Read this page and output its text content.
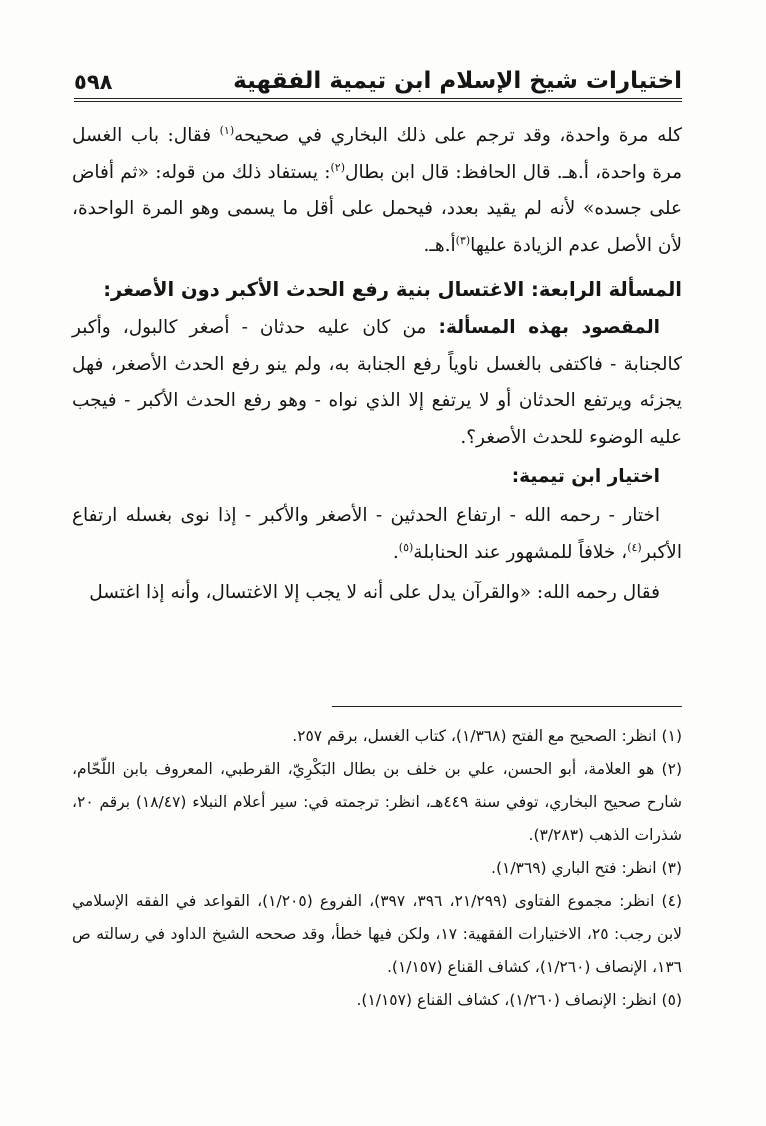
اختيارات شيخ الإسلام ابن تيمية الفقهية
٥٩٨

كله مرة واحدة، وقد ترجم على ذلك البخاري في صحيحه$^{(١)}$ فقال: باب الغسل مرة واحدة، أ.هـ. قال الحافظ: قال ابن بطال$^{(٢)}$: يستفاد ذلك من قوله: «ثم أفاض على جسده» لأنه لم يقيد بعدد، فيحمل على أقل ما يسمى وهو المرة الواحدة، لأن الأصل عدم الزيادة عليها$^{(٣)}$أ.هـ.

المسألة الرابعة: الاغتسال بنية رفع الحدث الأكبر دون الأصغر:

المقصود بهذه المسألة: من كان عليه حدثان - أصغر كالبول، وأكبر كالجنابة - فاكتفى بالغسل ناوياً رفع الجنابة به، ولم ينو رفع الحدث الأصغر، فهل يجزئه ويرتفع الحدثان أو لا يرتفع إلا الذي نواه - وهو رفع الحدث الأكبر - فيجب عليه الوضوء للحدث الأصغر؟.

اختيار ابن تيمية:

اختار - رحمه الله - ارتفاع الحدثين - الأصغر والأكبر - إذا نوى بغسله ارتفاع الأكبر$^{(٤)}$، خلافاً للمشهور عند الحنابلة$^{(٥)}$.

فقال رحمه الله: «والقرآن يدل على أنه لا يجب إلا الاغتسال، وأنه إذا اغتسل

(١) انظر: الصحيح مع الفتح (١/٣٦٨)، كتاب الغسل، برقم ٢٥٧.

(٢) هو العلامة، أبو الحسن، علي بن خلف بن بطال البَكْرِيّ، القرطبي، المعروف بابن اللّحّام، شارح صحيح البخاري، توفي سنة ٤٤٩هـ، انظر: ترجمته في: سير أعلام النبلاء (١٨/٤٧) برقم ٢٠، شذرات الذهب (٣/٢٨٣).

(٣) انظر: فتح الباري (١/٣٦٩).

(٤) انظر: مجموع الفتاوى (٢١/٢٩٩، ٣٩٦، ٣٩٧)، الفروع (١/٢٠٥)، القواعد في الفقه الإسلامي لابن رجب: ٢٥، الاختيارات الفقهية: ١٧، ولكن فيها خطأ، وقد صححه الشيخ الداود في رسالته ص ١٣٦، الإنصاف (١/٢٦٠)، كشاف القناع (١/١٥٧).

(٥) انظر: الإنصاف (١/٢٦٠)، كشاف القناع (١/١٥٧).
